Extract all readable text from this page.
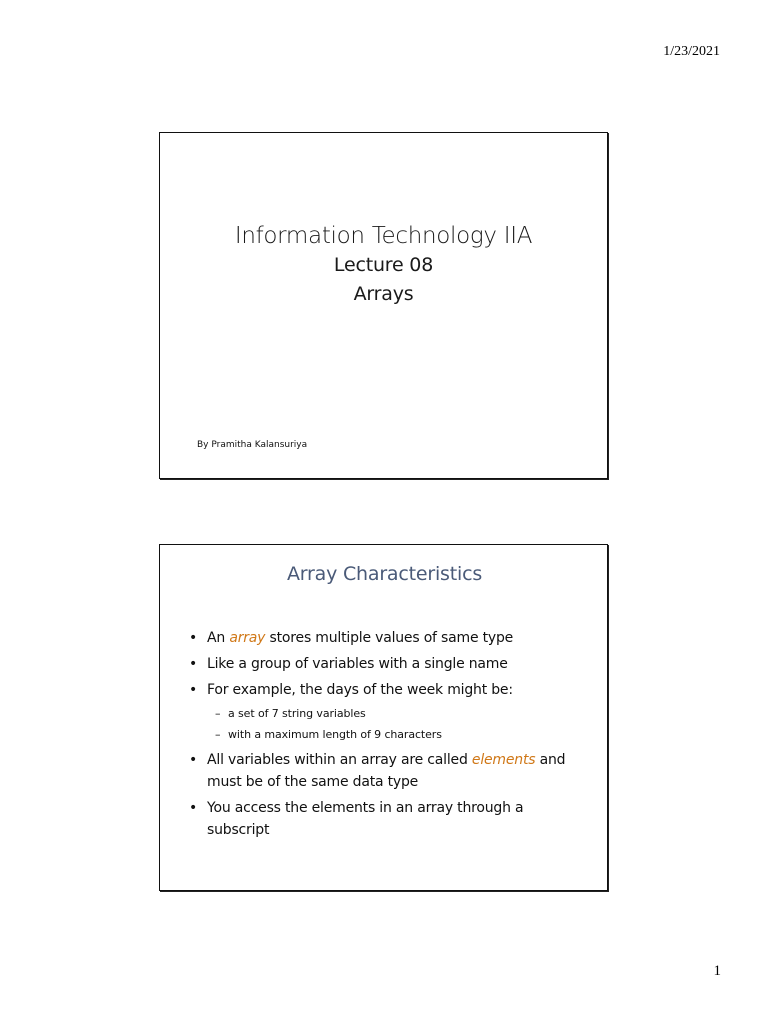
1/23/2021
Information Technology IIA
Lecture 08
Arrays
By Pramitha Kalansuriya
Array Characteristics
• An array stores multiple values of same type
• Like a group of variables with a single name
• For example, the days of the week might be:
– a set of 7 string variables
– with a maximum length of 9 characters
• All variables within an array are called elements and must be of the same data type
• You access the elements in an array through a subscript
1
